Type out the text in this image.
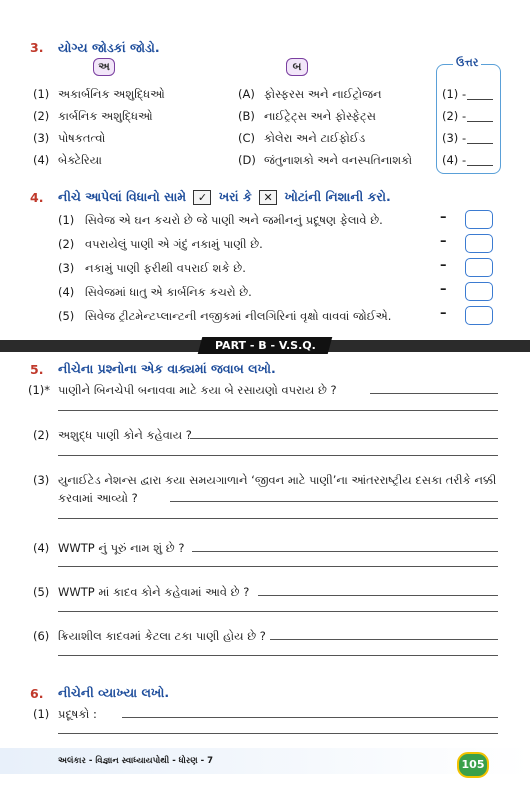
3. યોગ્ય જોડકાં જોડો.
અ	બ	ઉત્તર
(1) અકાર્બનિક અશુદ્ધિઓ	(A) ફોસ્ફરસ અને નાઈટ્રોજન	(1) -
(2) કાર્બનિક અશુદ્ધિઓ	(B) નાઈટ્રેટ્સ અને ફોસ્ફેટ્સ	(2) -
(3) પોષકતત્વો	(C) કોલેરા અને ટાઈફોઈડ	(3) -
(4) બેક્ટેરિયા	(D) જંતુનાશકો અને વનસ્પતિનાશકો	(4) -
4. નીચે આપેલાં વિધાનો સામે ✓ ખરાં કે ✕ ખોટાંની નિશાની કરો.
(1) સિવેજ એ ઘન કચરો છે જે પાણી અને જમીનનું પ્રદૂષણ ફેલાવે છે.	–
(2) વપરાયેલું પાણી એ ગંદું નકામું પાણી છે.	–
(3) નકામું પાણી ફરીથી વપરાઈ શકે છે.	–
(4) સિવેજમાં ધાતુ એ કાર્બનિક કચરો છે.	–
(5) સિવેજ ટ્રીટમેન્ટપ્લાન્ટની નજીકમાં નીલગિરિનાં વૃક્ષો વાવવાં જોઈએ.	–
PART - B - V.S.Q.
5. નીચેના પ્રશ્નોના એક વાક્યમાં જવાબ લખો.
(1)* પાણીને બિનચેપી બનાવવા માટે કયા બે રસાયણો વપરાય છે ?
(2) અશુદ્ધ પાણી કોને કહેવાય ?
(3) યુનાઈટેડ નેશન્સ દ્વારા કયા સમયગાળાને ‘જીવન માટે પાણી’ના આંતરરાષ્ટ્રીય દસકા તરીકે નક્કી
કરવામાં આવ્યો ?
(4) WWTP નું પૂરું નામ શું છે ?
(5) WWTP માં કાદવ કોને કહેવામાં આવે છે ?
(6) ક્રિયાશીલ કાદવમાં કેટલા ટકા પાણી હોય છે ?
6. નીચેની વ્યાખ્યા લખો.
(1) પ્રદૂષકો :
અલંકાર - વિજ્ઞાન સ્વાધ્યાયપોથી - ધોરણ - 7	105
